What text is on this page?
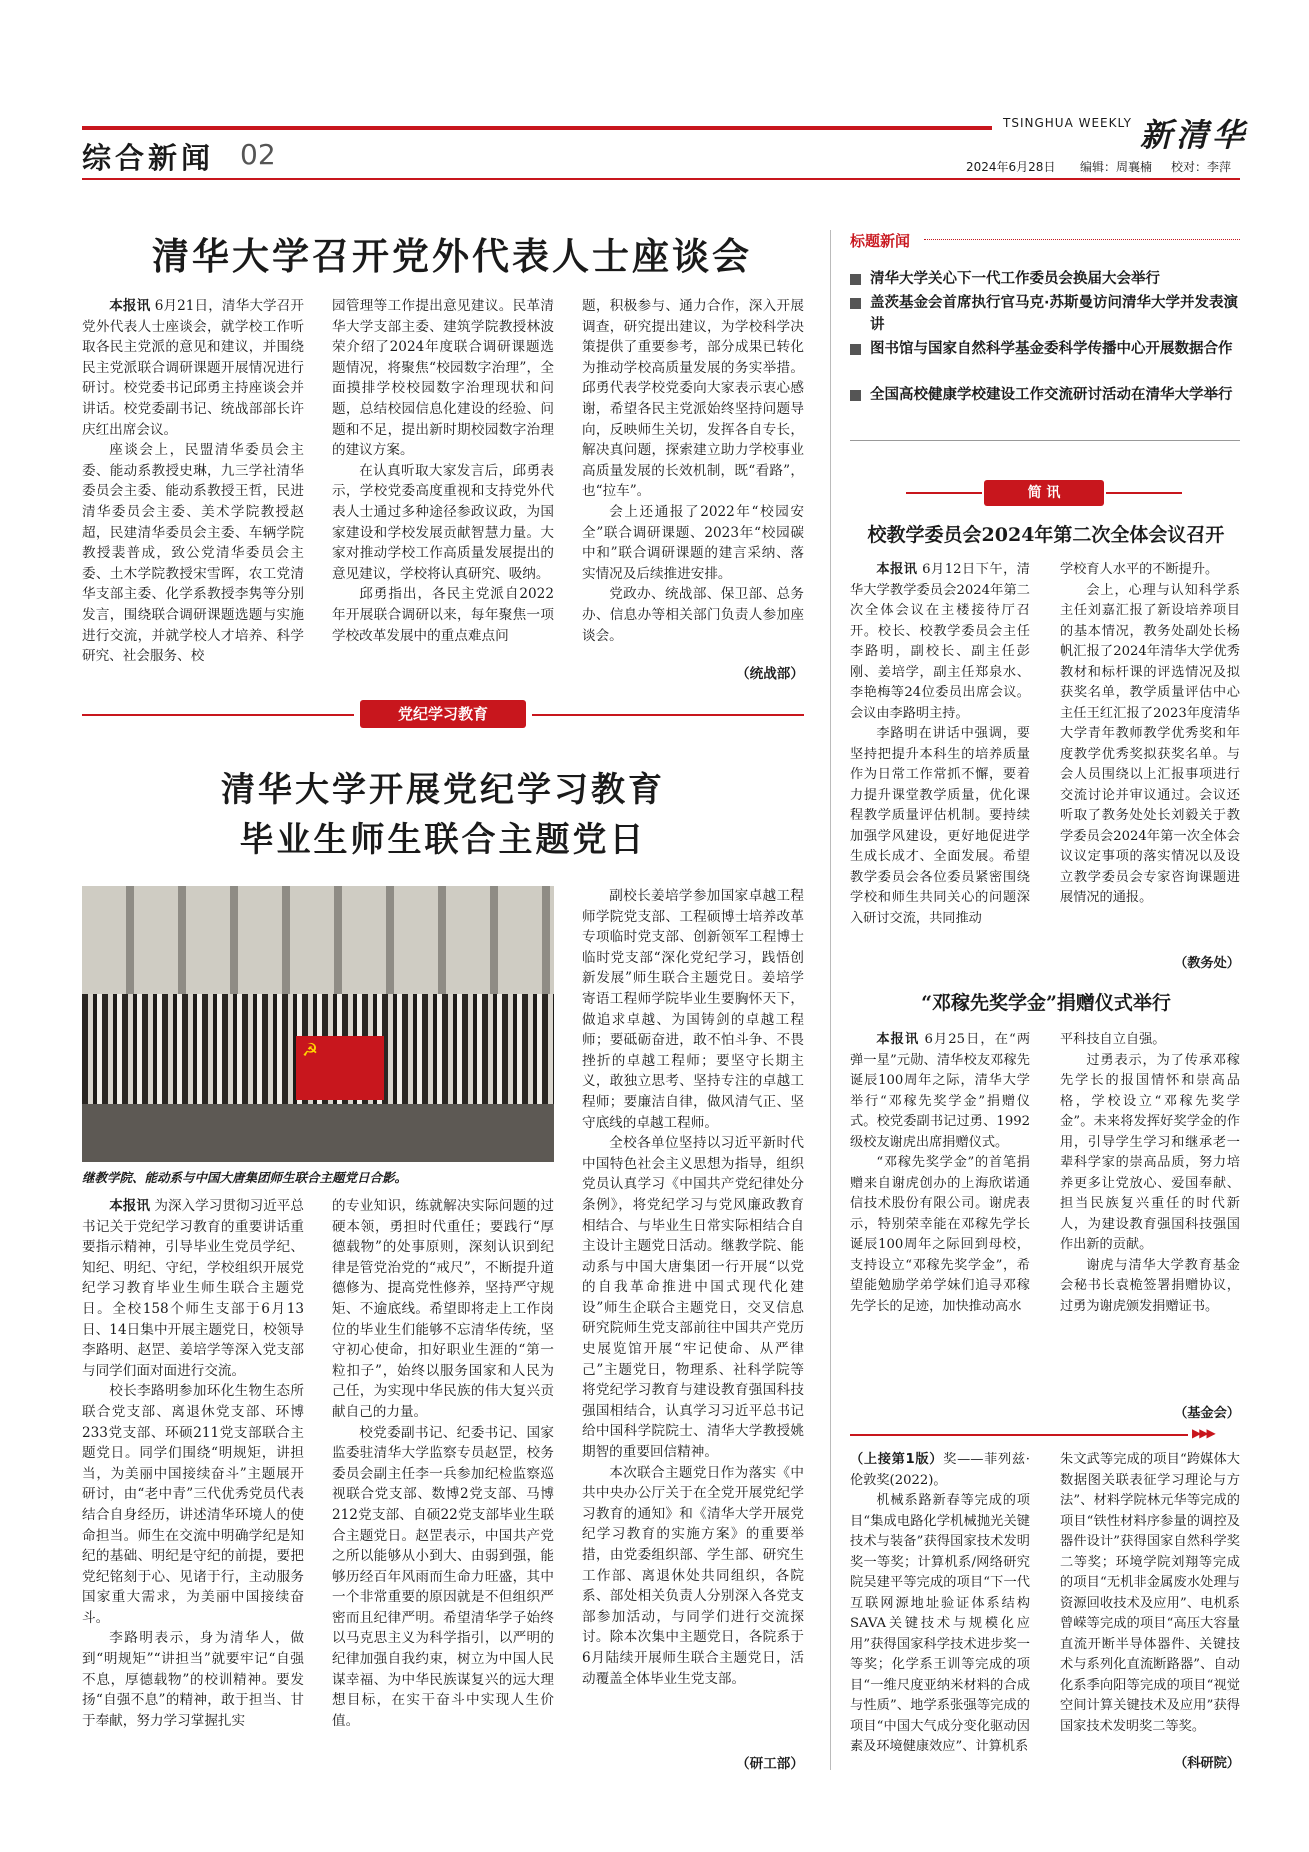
综合新闻 02
TSINGHUA WEEKLY 新清华
2024年6月28日 编辑：周襄楠 校对：李萍
清华大学召开党外代表人士座谈会

本报讯 6月21日，清华大学召开党外代表人士座谈会，就学校工作听取各民主党派的意见和建议，并围绕民主党派联合调研课题开展情况进行研讨。校党委书记邱勇主持座谈会并讲话。校党委副书记、统战部部长许庆红出席会议。

座谈会上，民盟清华委员会主委、能动系教授史琳，九三学社清华委员会主委、能动系教授王哲，民进清华委员会主委、美术学院教授赵超，民建清华委员会主委、车辆学院教授裴普成，致公党清华委员会主委、土木学院教授宋雪晖，农工党清华支部主委、化学系教授李隽等分别发言，围绕联合调研课题选题与实施进行交流，并就学校人才培养、科学研究、社会服务、校

园管理等工作提出意见建议。民革清华大学支部主委、建筑学院教授林波荣介绍了2024年度联合调研课题选题情况，将聚焦“校园数字治理”，全面摸排学校校园数字治理现状和问题，总结校园信息化建设的经验、问题和不足，提出新时期校园数字治理的建议方案。

在认真听取大家发言后，邱勇表示，学校党委高度重视和支持党外代表人士通过多种途径参政议政，为国家建设和学校发展贡献智慧力量。大家对推动学校工作高质量发展提出的意见建议，学校将认真研究、吸纳。

邱勇指出，各民主党派自2022年开展联合调研以来，每年聚焦一项学校改革发展中的重点难点问

题，积极参与、通力合作，深入开展调查，研究提出建议，为学校科学决策提供了重要参考，部分成果已转化为推动学校高质量发展的务实举措。邱勇代表学校党委向大家表示衷心感谢，希望各民主党派始终坚持问题导向，反映师生关切，发挥各自专长，解决真问题，探索建立助力学校事业高质量发展的长效机制，既“看路”，也“拉车”。

会上还通报了2022年“校园安全”联合调研课题、2023年“校园碳中和”联合调研课题的建言采纳、落实情况及后续推进安排。

党政办、统战部、保卫部、总务办、信息办等相关部门负责人参加座谈会。

（统战部）
党纪学习教育
清华大学开展党纪学习教育
毕业生师生联合主题党日
☭
继教学院、能动系与中国大唐集团师生联合主题党日合影。

本报讯 为深入学习贯彻习近平总书记关于党纪学习教育的重要讲话重要指示精神，引导毕业生党员学纪、知纪、明纪、守纪，学校组织开展党纪学习教育毕业生师生联合主题党日。全校158个师生支部于6月13日、14日集中开展主题党日，校领导李路明、赵罡、姜培学等深入党支部与同学们面对面进行交流。

校长李路明参加环化生物生态所联合党支部、离退休党支部、环博233党支部、环硕211党支部联合主题党日。同学们围绕“明规矩，讲担当，为美丽中国接续奋斗”主题展开研讨，由“老中青”三代优秀党员代表结合自身经历，讲述清华环境人的使命担当。师生在交流中明确学纪是知纪的基础、明纪是守纪的前提，要把党纪铭刻于心、见诸于行，主动服务国家重大需求，为美丽中国接续奋斗。

李路明表示，身为清华人，做到“明规矩”“讲担当”就要牢记“自强不息，厚德载物”的校训精神。要发扬“自强不息”的精神，敢于担当、甘于奉献，努力学习掌握扎实

的专业知识，练就解决实际问题的过硬本领，勇担时代重任；要践行“厚德载物”的处事原则，深刻认识到纪律是管党治党的“戒尺”，不断提升道德修为、提高党性修养，坚持严守规矩、不逾底线。希望即将走上工作岗位的毕业生们能够不忘清华传统，坚守初心使命，扣好职业生涯的“第一粒扣子”，始终以服务国家和人民为己任，为实现中华民族的伟大复兴贡献自己的力量。

校党委副书记、纪委书记、国家监委驻清华大学监察专员赵罡，校务委员会副主任李一兵参加纪检监察巡视联合党支部、数博2党支部、马博212党支部、自硕22党支部毕业生联合主题党日。赵罡表示，中国共产党之所以能够从小到大、由弱到强，能够历经百年风雨而生命力旺盛，其中一个非常重要的原因就是不但组织严密而且纪律严明。希望清华学子始终以马克思主义为科学指引，以严明的纪律加强自我约束，树立为中国人民谋幸福、为中华民族谋复兴的远大理想目标，在实干奋斗中实现人生价值。

副校长姜培学参加国家卓越工程师学院党支部、工程硕博士培养改革专项临时党支部、创新领军工程博士临时党支部“深化党纪学习，践悟创新发展”师生联合主题党日。姜培学寄语工程师学院毕业生要胸怀天下，做追求卓越、为国铸剑的卓越工程师；要砥砺奋进，敢不怕斗争、不畏挫折的卓越工程师；要坚守长期主义，敢独立思考、坚持专注的卓越工程师；要廉洁自律，做风清气正、坚守底线的卓越工程师。

全校各单位坚持以习近平新时代中国特色社会主义思想为指导，组织党员认真学习《中国共产党纪律处分条例》，将党纪学习与党风廉政教育相结合、与毕业生日常实际相结合自主设计主题党日活动。继教学院、能动系与中国大唐集团一行开展“以党的自我革命推进中国式现代化建设”师生企联合主题党日，交叉信息研究院师生党支部前往中国共产党历史展览馆开展“牢记使命、从严律己”主题党日，物理系、社科学院等将党纪学习教育与建设教育强国科技强国相结合，认真学习习近平总书记给中国科学院院士、清华大学教授姚期智的重要回信精神。

本次联合主题党日作为落实《中共中央办公厅关于在全党开展党纪学习教育的通知》和《清华大学开展党纪学习教育的实施方案》的重要举措，由党委组织部、学生部、研究生工作部、离退休处共同组织，各院系、部处相关负责人分别深入各党支部参加活动，与同学们进行交流探讨。除本次集中主题党日，各院系于6月陆续开展师生联合主题党日，活动覆盖全体毕业生党支部。

（研工部）
标题新闻
清华大学关心下一代工作委员会换届大会举行
盖茨基金会首席执行官马克·苏斯曼访问清华大学并发表演讲
图书馆与国家自然科学基金委科学传播中心开展数据合作
全国高校健康学校建设工作交流研讨活动在清华大学举行
简 讯
校教学委员会2024年第二次全体会议召开

本报讯 6月12日下午，清华大学教学委员会2024年第二次全体会议在主楼接待厅召开。校长、校教学委员会主任李路明，副校长、副主任彭刚、姜培学，副主任郑泉水、李艳梅等24位委员出席会议。会议由李路明主持。

李路明在讲话中强调，要坚持把提升本科生的培养质量作为日常工作常抓不懈，要着力提升课堂教学质量，优化课程教学质量评估机制。要持续加强学风建设，更好地促进学生成长成才、全面发展。希望教学委员会各位委员紧密围绕学校和师生共同关心的问题深入研讨交流，共同推动

学校育人水平的不断提升。

会上，心理与认知科学系主任刘嘉汇报了新设培养项目的基本情况，教务处副处长杨帆汇报了2024年清华大学优秀教材和标杆课的评选情况及拟获奖名单，教学质量评估中心主任王红汇报了2023年度清华大学青年教师教学优秀奖和年度教学优秀奖拟获奖名单。与会人员围绕以上汇报事项进行交流讨论并审议通过。会议还听取了教务处处长刘毅关于教学委员会2024年第一次全体会议议定事项的落实情况以及设立教学委员会专家咨询课题进展情况的通报。

（教务处）
“邓稼先奖学金”捐赠仪式举行

本报讯 6月25日，在“两弹一星”元勋、清华校友邓稼先诞辰100周年之际，清华大学举行“邓稼先奖学金”捐赠仪式。校党委副书记过勇、1992级校友谢虎出席捐赠仪式。

“邓稼先奖学金”的首笔捐赠来自谢虎创办的上海欣诺通信技术股份有限公司。谢虎表示，特别荣幸能在邓稼先学长诞辰100周年之际回到母校，支持设立“邓稼先奖学金”，希望能勉励学弟学妹们追寻邓稼先学长的足迹，加快推动高水

平科技自立自强。

过勇表示，为了传承邓稼先学长的报国情怀和崇高品格，学校设立“邓稼先奖学金”。未来将发挥好奖学金的作用，引导学生学习和继承老一辈科学家的崇高品质，努力培养更多让党放心、爱国奉献、担当民族复兴重任的时代新人，为建设教育强国科技强国作出新的贡献。

谢虎与清华大学教育基金会秘书长袁桅签署捐赠协议，过勇为谢虎颁发捐赠证书。

（基金会）
▶▶▶

（上接第1版）奖——菲列兹·伦敦奖(2022)。

机械系路新春等完成的项目“集成电路化学机械抛光关键技术与装备”获得国家技术发明奖一等奖；计算机系/网络研究院吴建平等完成的项目“下一代互联网源地址验证体系结构SAVA关键技术与规模化应用”获得国家科学技术进步奖一等奖；化学系王训等完成的项目“一维尺度亚纳米材料的合成与性质”、地学系张强等完成的项目“中国大气成分变化驱动因素及环境健康效应”、计算机系

朱文武等完成的项目“跨媒体大数据图关联表征学习理论与方法”、材料学院林元华等完成的项目“铁性材料序参量的调控及器件设计”获得国家自然科学奖二等奖；环境学院刘翔等完成的项目“无机非金属废水处理与资源回收技术及应用”、电机系曾嵘等完成的项目“高压大容量直流开断半导体器件、关键技术与系列化直流断路器”、自动化系季向阳等完成的项目“视觉空间计算关键技术及应用”获得国家技术发明奖二等奖。

（科研院）
